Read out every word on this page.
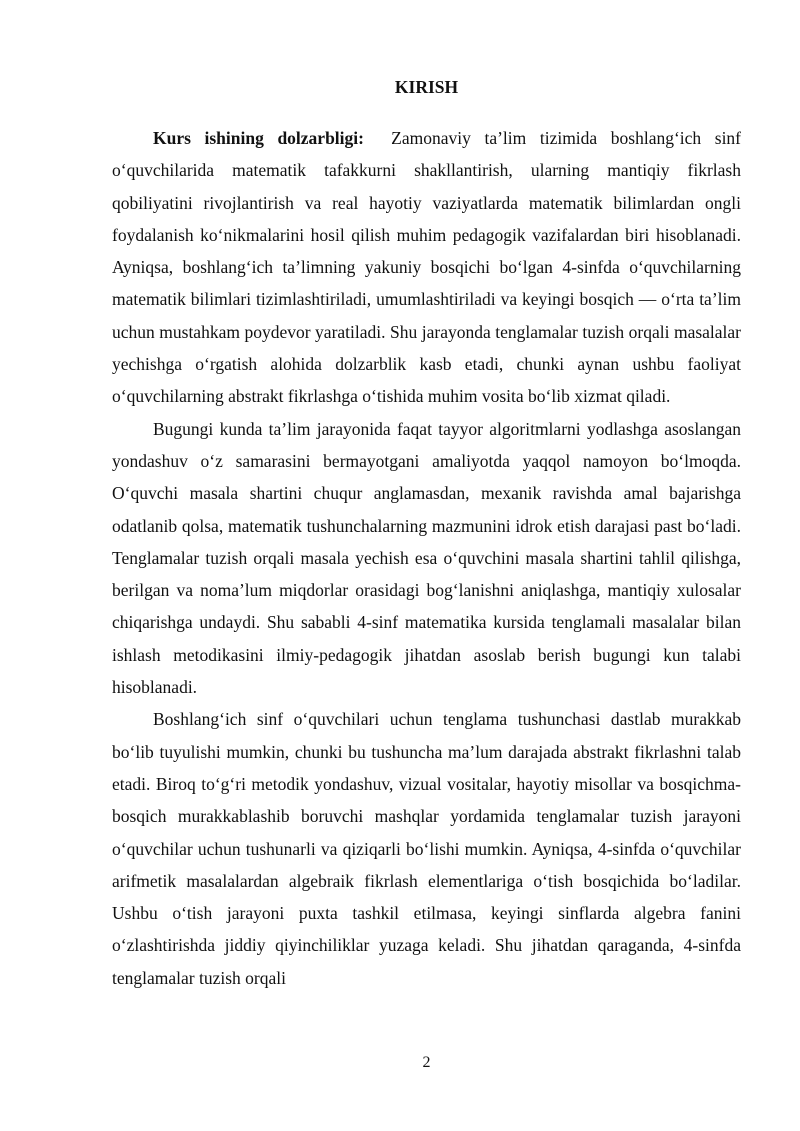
KIRISH

Kurs ishining dolzarbligi: Zamonaviy ta’lim tizimida boshlang‘ich sinf o‘quvchilarida matematik tafakkurni shakllantirish, ularning mantiqiy fikrlash qobiliyatini rivojlantirish va real hayotiy vaziyatlarda matematik bilimlardan ongli foydalanish ko‘nikmalarini hosil qilish muhim pedagogik vazifalardan biri hisoblanadi. Ayniqsa, boshlang‘ich ta’limning yakuniy bosqichi bo‘lgan 4-sinfda o‘quvchilarning matematik bilimlari tizimlashtiriladi, umumlashtiriladi va keyingi bosqich — o‘rta ta’lim uchun mustahkam poydevor yaratiladi. Shu jarayonda tenglamalar tuzish orqali masalalar yechishga o‘rgatish alohida dolzarblik kasb etadi, chunki aynan ushbu faoliyat o‘quvchilarning abstrakt fikrlashga o‘tishida muhim vosita bo‘lib xizmat qiladi.

Bugungi kunda ta’lim jarayonida faqat tayyor algoritmlarni yodlashga asoslangan yondashuv o‘z samarasini bermayotgani amaliyotda yaqqol namoyon bo‘lmoqda. O‘quvchi masala shartini chuqur anglamasdan, mexanik ravishda amal bajarishga odatlanib qolsa, matematik tushunchalarning mazmunini idrok etish darajasi past bo‘ladi. Tenglamalar tuzish orqali masala yechish esa o‘quvchini masala shartini tahlil qilishga, berilgan va noma’lum miqdorlar orasidagi bog‘lanishni aniqlashga, mantiqiy xulosalar chiqarishga undaydi. Shu sababli 4-sinf matematika kursida tenglamali masalalar bilan ishlash metodikasini ilmiy-pedagogik jihatdan asoslab berish bugungi kun talabi hisoblanadi.

Boshlang‘ich sinf o‘quvchilari uchun tenglama tushunchasi dastlab murakkab bo‘lib tuyulishi mumkin, chunki bu tushuncha ma’lum darajada abstrakt fikrlashni talab etadi. Biroq to‘g‘ri metodik yondashuv, vizual vositalar, hayotiy misollar va bosqichma-bosqich murakkablashib boruvchi mashqlar yordamida tenglamalar tuzish jarayoni o‘quvchilar uchun tushunarli va qiziqarli bo‘lishi mumkin. Ayniqsa, 4-sinfda o‘quvchilar arifmetik masalalardan algebraik fikrlash elementlariga o‘tish bosqichida bo‘ladilar. Ushbu o‘tish jarayoni puxta tashkil etilmasa, keyingi sinflarda algebra fanini o‘zlashtirishda jiddiy qiyinchiliklar yuzaga keladi. Shu jihatdan qaraganda, 4-sinfda tenglamalar tuzish orqali

2
